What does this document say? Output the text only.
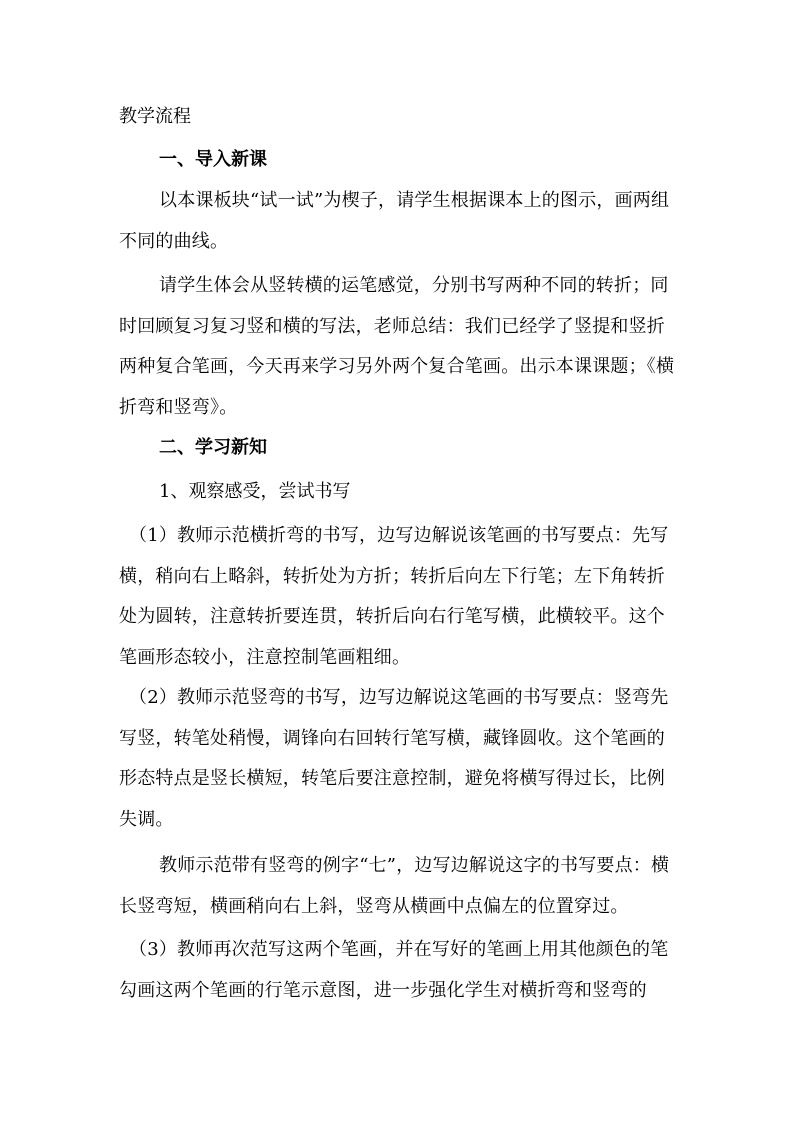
教学流程
一、导入新课
以本课板块“试一试”为楔子，请学生根据课本上的图示，画两组不同的曲线。
请学生体会从竖转横的运笔感觉，分别书写两种不同的转折；同时回顾复习复习竖和横的写法，老师总结：我们已经学了竖提和竖折两种复合笔画，今天再来学习另外两个复合笔画。出示本课课题；《横折弯和竖弯》。
二、学习新知
1、观察感受，尝试书写
（1）教师示范横折弯的书写，边写边解说该笔画的书写要点：先写横，稍向右上略斜，转折处为方折；转折后向左下行笔；左下角转折处为圆转，注意转折要连贯，转折后向右行笔写横，此横较平。这个笔画形态较小，注意控制笔画粗细。
（2）教师示范竖弯的书写，边写边解说这笔画的书写要点：竖弯先写竖，转笔处稍慢，调锋向右回转行笔写横，藏锋圆收。这个笔画的形态特点是竖长横短，转笔后要注意控制，避免将横写得过长，比例失调。
教师示范带有竖弯的例字“七”，边写边解说这字的书写要点：横长竖弯短，横画稍向右上斜，竖弯从横画中点偏左的位置穿过。
（3）教师再次范写这两个笔画，并在写好的笔画上用其他颜色的笔勾画这两个笔画的行笔示意图，进一步强化学生对横折弯和竖弯的
